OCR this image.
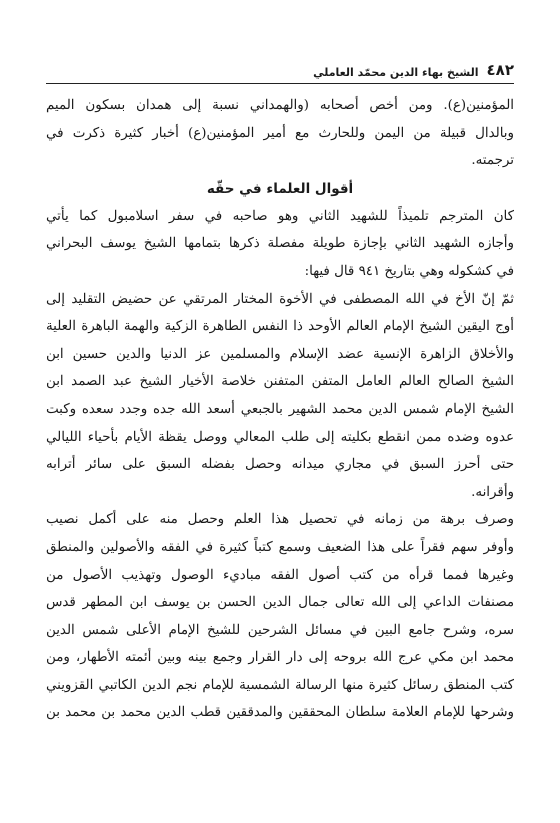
٤٨٢
الشيخ بهاء الدين محمّد العاملي
المؤمنين(ع). ومن أخص أصحابه (والهمداني نسبة إلى همدان بسكون الميم
وبالدال قبيلة من اليمن وللحارث مع أمير المؤمنين(ع) أخبار كثيرة ذكرت في
ترجمته.
أقوال العلماء في حقّه
كان المترجم تلميذاً للشهيد الثاني وهو صاحبه في سفر اسلامبول كما يأتي
وأجازه الشهيد الثاني بإجازة طويلة مفصلة ذكرها بتمامها الشيخ يوسف البحراني
في كشكوله وهي بتاريخ ٩٤١ قال فيها:
ثمّ إنّ الأخ في الله المصطفى في الأخوة المختار المرتقي عن حضيض التقليد إلى
أوج اليقين الشيخ الإمام العالم الأوحد ذا النفس الطاهرة الزكية والهمة الباهرة العلية
والأخلاق الزاهرة الإنسية عضد الإسلام والمسلمين عز الدنيا والدين حسين ابن
الشيخ الصالح العالم العامل المتفن المتفنن خلاصة الأخيار الشيخ عبد الصمد ابن
الشيخ الإمام شمس الدين محمد الشهير بالجبعي أسعد الله جده وجدد سعده وكبت
عدوه وضده ممن انقطع بكليته إلى طلب المعالي ووصل يقظة الأيام بأحياء الليالي
حتى أحرز السبق في مجاري ميدانه وحصل بفضله السبق على سائر أترابه
وأقرانه.
وصرف برهة من زمانه في تحصيل هذا العلم وحصل منه على أكمل نصيب
وأوفر سهم فقراً على هذا الضعيف وسمع كتباً كثيرة في الفقه والأصولين والمنطق
وغيرها فمما قرأه من كتب أصول الفقه مباديء الوصول وتهذيب الأصول من
مصنفات الداعي إلى الله تعالى جمال الدين الحسن بن يوسف ابن المطهر قدس
سره، وشرح جامع البين في مسائل الشرحين للشيخ الإمام الأعلى شمس الدين
محمد ابن مكي عرج الله بروحه إلى دار القرار وجمع بينه وبين أئمته الأطهار، ومن
كتب المنطق رسائل كثيرة منها الرسالة الشمسية للإمام نجم الدين الكاتبي القزويني
وشرحها للإمام العلامة سلطان المحققين والمدققين قطب الدين محمد بن محمد بن
